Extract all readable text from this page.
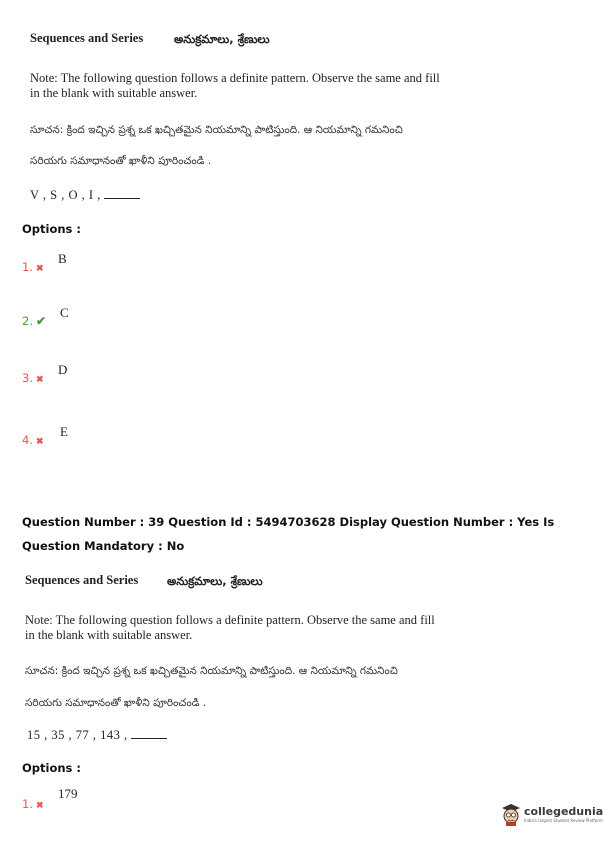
Sequences and Series	అనుక్రమాలు, శ్రేణులు
Note: The following question follows a definite pattern. Observe the same and fill in the blank with suitable answer.
సూచన: క్రింద ఇచ్చిన ప్రశ్న ఒక ఖచ్చితమైన నియమాన్ని పాటిస్తుంది. ఆ నియమాన్ని గమనించి
సరియగు సమాధానంతో ఖాళీని పూరించండి .
V , S , O , I ,
Options :
1. ✖
B
2. ✔
C
3. ✖
D
4. ✖
E
Question Number : 39 Question Id : 5494703628 Display Question Number : Yes Is Question Mandatory : No
Sequences and Series	అనుక్రమాలు, శ్రేణులు
Note: The following question follows a definite pattern. Observe the same and fill in the blank with suitable answer.
సూచన: క్రింద ఇచ్చిన ప్రశ్న ఒక ఖచ్చితమైన నియమాన్ని పాటిస్తుంది. ఆ నియమాన్ని గమనించి
సరియగు సమాధానంతో ఖాళీని పూరించండి .
15 , 35 , 77 , 143 ,
Options :
1. ✖
179
collegedunia
India's largest Student Review Platform
